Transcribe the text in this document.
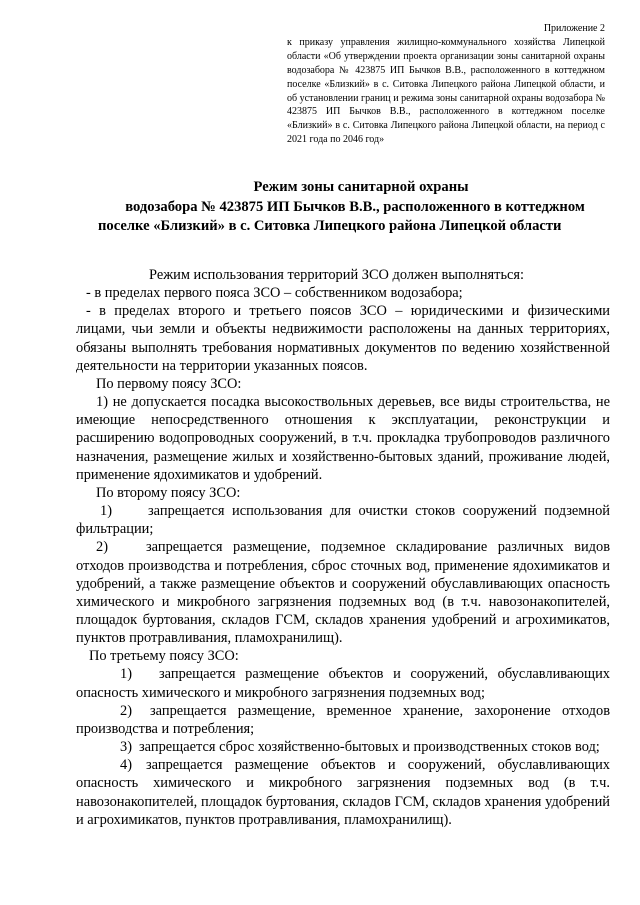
Приложение 2
к приказу управления жилищно-коммунального хозяйства Липецкой области «Об утверждении проекта организации зоны санитарной охраны водозабора № 423875 ИП Бычков В.В., расположенного в коттеджном поселке «Близкий» в с. Ситовка Липецкого района Липецкой области, и об установлении границ и режима зоны санитарной охраны водозабора № 423875 ИП Бычков В.В., расположенного в коттеджном поселке «Близкий» в с. Ситовка Липецкого района Липецкой области, на период с 2021 года по 2046 год»
Режим зоны санитарной охраны
водозабора № 423875 ИП Бычков В.В., расположенного в коттеджном
поселке «Близкий» в с. Ситовка Липецкого района Липецкой области

Режим использования территорий ЗСО должен выполняться:

- в пределах первого пояса ЗСО – собственником водозабора;

- в пределах второго и третьего поясов ЗСО – юридическими и физическими лицами, чьи земли и объекты недвижимости расположены на данных территориях, обязаны выполнять требования нормативных документов по ведению хозяйственной деятельности на территории указанных поясов.

По первому поясу ЗСО:

1) не допускается посадка высокоствольных деревьев, все виды строительства, не имеющие непосредственного отношения к эксплуатации, реконструкции и расширению водопроводных сооружений, в т.ч. прокладка трубопроводов различного назначения, размещение жилых и хозяйственно-бытовых зданий, проживание людей, применение ядохимикатов и удобрений.

По второму поясу ЗСО:

1)	запрещается использования для очистки стоков сооружений подземной фильтрации;

2)	запрещается размещение, подземное складирование различных видов отходов производства и потребления, сброс сточных вод, применение ядохимикатов и удобрений, а также размещение объектов и сооружений обуславливающих опасность химического и микробного загрязнения подземных вод (в т.ч. навозонакопителей, площадок буртования, складов ГСМ, складов хранения удобрений и агрохимикатов, пунктов протравливания, пламохранилищ).

По третьему поясу ЗСО:

1) запрещается размещение объектов и сооружений, обуславливающих опасность химического и микробного загрязнения подземных вод;

2) запрещается размещение, временное хранение, захоронение отходов производства и потребления;

3) запрещается сброс хозяйственно-бытовых и производственных стоков вод;

4) запрещается размещение объектов и сооружений, обуславливающих опасность химического и микробного загрязнения подземных вод (в т.ч. навозонакопителей, площадок буртования, складов ГСМ, складов хранения удобрений и агрохимикатов, пунктов протравливания, пламохранилищ).
